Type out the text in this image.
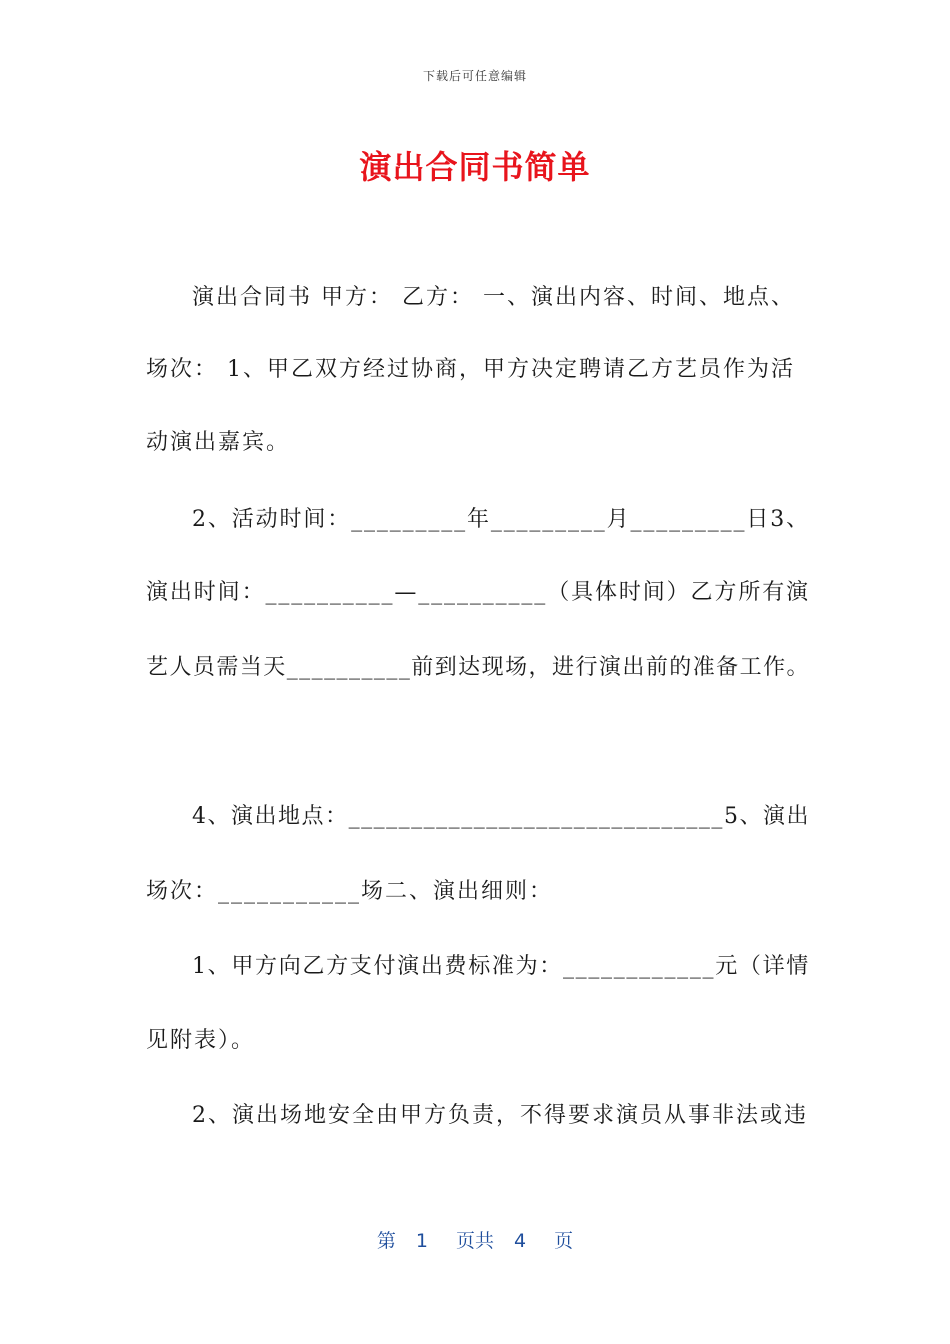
下载后可任意编辑
演出合同书简单
演出合同书 甲方： 乙方： 一、演出内容、时间、地点、
场次： 1、甲乙双方经过协商，甲方决定聘请乙方艺员作为活
动演出嘉宾。
2、活动时间：_________年_________月_________日3、
演出时间：__________—__________（具体时间）乙方所有演
艺人员需当天__________前到达现场，进行演出前的准备工作。
4、演出地点：______________________________5、演出
场次：___________场二、演出细则：
1、甲方向乙方支付演出费标准为：____________元（详情
见附表）。
2、演出场地安全由甲方负责，不得要求演员从事非法或违
第 1 页共 4 页
